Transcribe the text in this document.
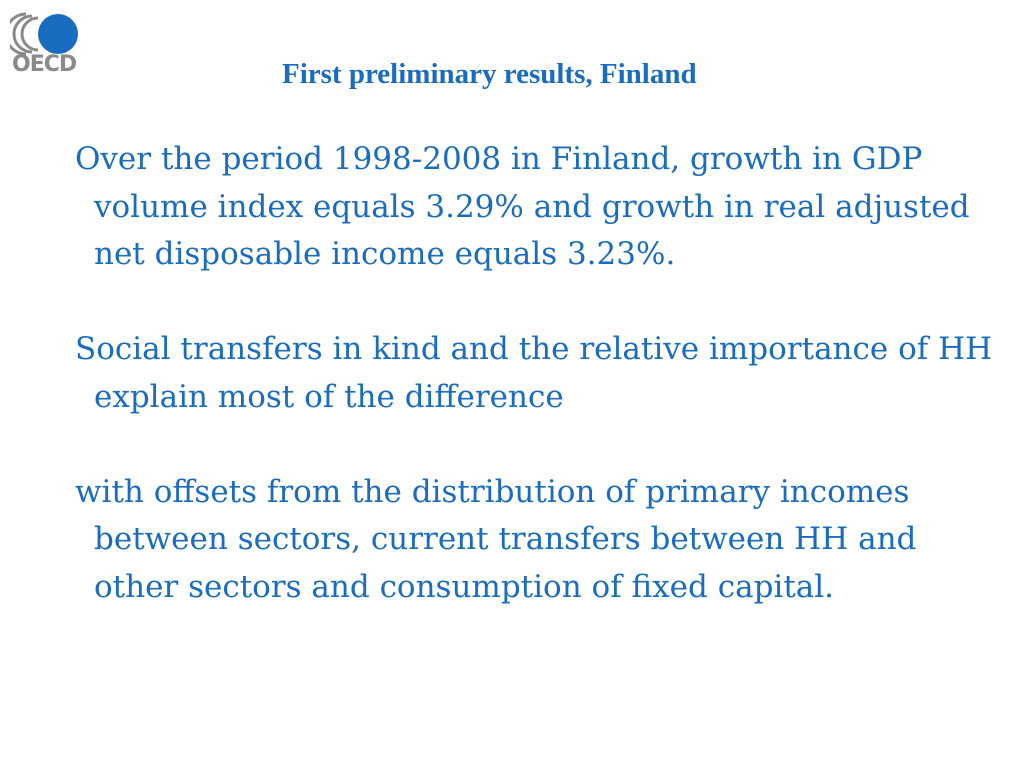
OECD	First preliminary results, Finland

Over the period 1998-2008 in Finland, growth in GDP volume index equals 3.29% and growth in real adjusted net disposable income equals 3.23%.

Social transfers in kind and the relative importance of HH explain most of the difference

with offsets from the distribution of primary incomes between sectors, current transfers between HH and other sectors and consumption of fixed capital.
